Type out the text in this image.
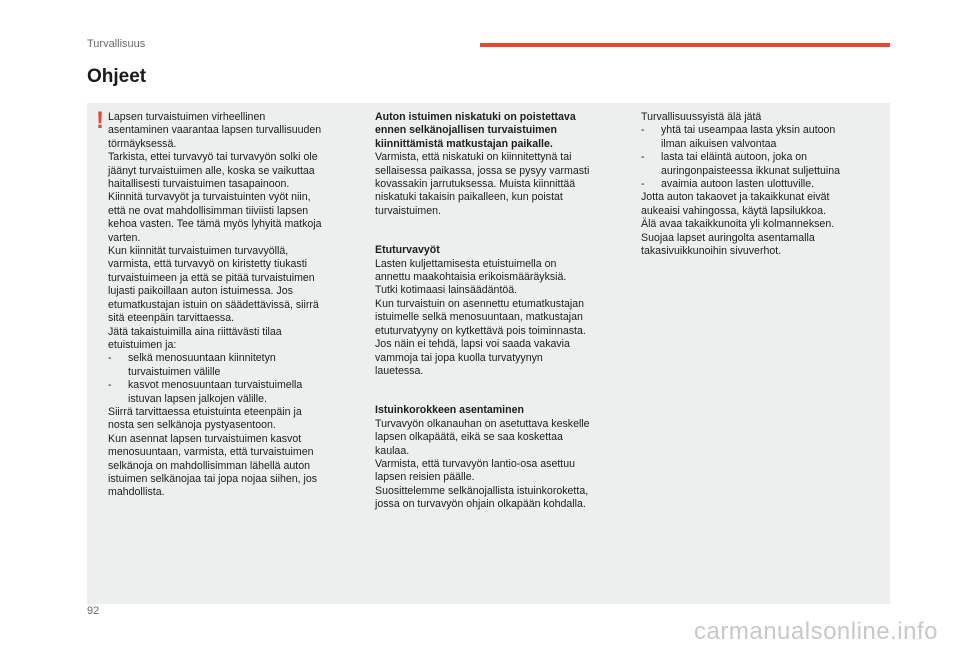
Turvallisuus
Ohjeet
! Lapsen turvaistuimen virheellinen

asentaminen vaarantaa lapsen turvallisuuden

törmäyksessä.

Tarkista, ettei turvavyö tai turvavyön solki ole

jäänyt turvaistuimen alle, koska se vaikuttaa

haitallisesti turvaistuimen tasapainoon.

Kiinnitä turvavyöt ja turvaistuinten vyöt niin,

että ne ovat mahdollisimman tiiviisti lapsen

kehoa vasten. Tee tämä myös lyhyitä matkoja

varten.

Kun kiinnität turvaistuimen turvavyöllä,

varmista, että turvavyö on kiristetty tiukasti

turvaistuimeen ja että se pitää turvaistuimen

lujasti paikoillaan auton istuimessa. Jos

etumatkustajan istuin on säädettävissä, siirrä

sitä eteenpäin tarvittaessa.

Jätä takaistuimilla aina riittävästi tilaa

etuistuimen ja:

-	selkä menosuuntaan kiinnitetyn

turvaistuimen välille

-	kasvot menosuuntaan turvaistuimella

istuvan lapsen jalkojen välille.

Siirrä tarvittaessa etuistuinta eteenpäin ja

nosta sen selkänoja pystyasentoon.

Kun asennat lapsen turvaistuimen kasvot

menosuuntaan, varmista, että turvaistuimen

selkänoja on mahdollisimman lähellä auton

istuimen selkänojaa tai jopa nojaa siihen, jos

mahdollista.

Auton istuimen niskatuki on poistettava

ennen selkänojallisen turvaistuimen

kiinnittämistä matkustajan paikalle.

Varmista, että niskatuki on kiinnitettynä tai

sellaisessa paikassa, jossa se pysyy varmasti

kovassakin jarrutuksessa. Muista kiinnittää

niskatuki takaisin paikalleen, kun poistat

turvaistuimen.

Etuturvavyöt

Lasten kuljettamisesta etuistuimella on

annettu maakohtaisia erikoismääräyksiä.

Tutki kotimaasi lainsäädäntöä.

Kun turvaistuin on asennettu etumatkustajan

istuimelle selkä menosuuntaan, matkustajan

etuturvatyyny on kytkettävä pois toiminnasta.

Jos näin ei tehdä, lapsi voi saada vakavia

vammoja tai jopa kuolla turvatyynyn

lauetessa.

Istuinkorokkeen asentaminen

Turvavyön olkanauhan on asetuttava keskelle

lapsen olkapäätä, eikä se saa koskettaa

kaulaa.

Varmista, että turvavyön lantio-osa asettuu

lapsen reisien päälle.

Suosittelemme selkänojallista istuinkoroketta,

jossa on turvavyön ohjain olkapään kohdalla.

Turvallisuussyistä älä jätä

-	yhtä tai useampaa lasta yksin autoon

ilman aikuisen valvontaa

-	lasta tai eläintä autoon, joka on

auringonpaisteessa ikkunat suljettuina

-	avaimia autoon lasten ulottuville.

Jotta auton takaovet ja takaikkunat eivät

aukeaisi vahingossa, käytä lapsilukkoa.

Älä avaa takaikkunoita yli kolmanneksen.

Suojaa lapset auringolta asentamalla

takasivuikkunoihin sivuverhot.

92
carmanualsonline.info
